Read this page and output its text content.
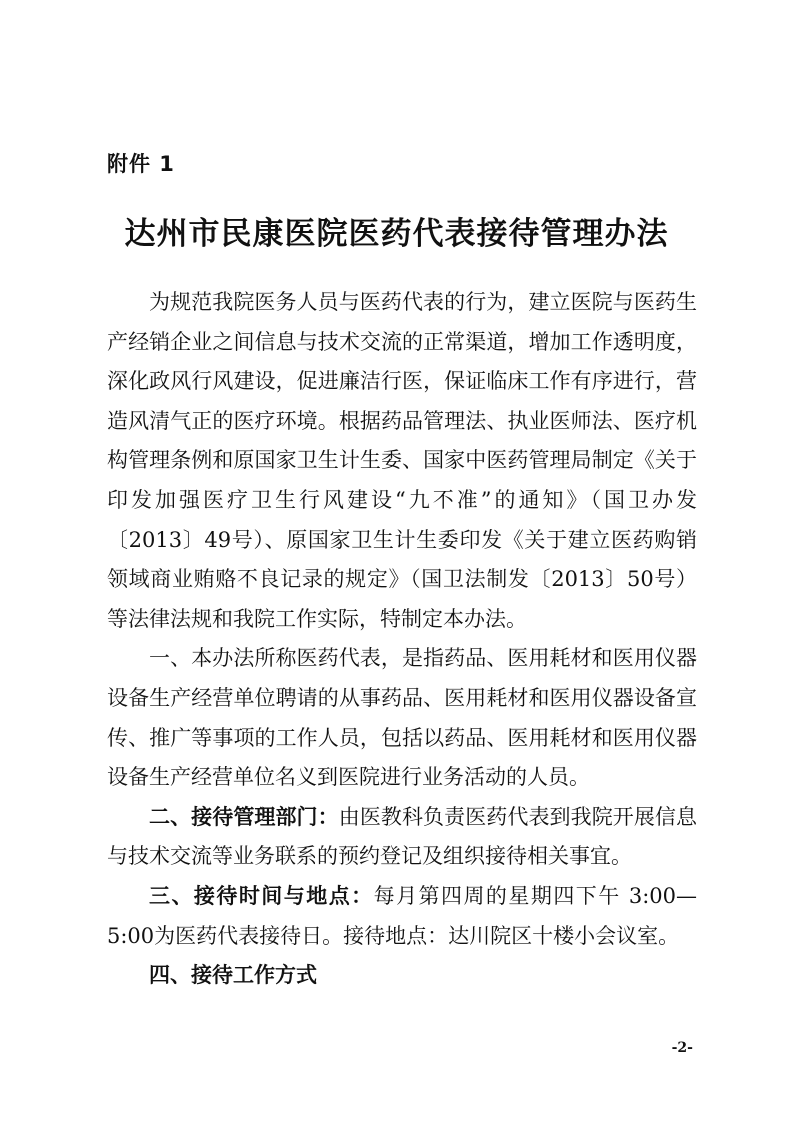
附件 1
达州市民康医院医药代表接待管理办法

为规范我院医务人员与医药代表的行为，建立医院与医药生产经销企业之间信息与技术交流的正常渠道，增加工作透明度，深化政风行风建设，促进廉洁行医，保证临床工作有序进行，营造风清气正的医疗环境。根据药品管理法、执业医师法、医疗机构管理条例和原国家卫生计生委、国家中医药管理局制定《关于印发加强医疗卫生行风建设“九不准”的通知》（国卫办发〔2013〕49号）、原国家卫生计生委印发《关于建立医药购销领域商业贿赂不良记录的规定》（国卫法制发〔2013〕50号）等法律法规和我院工作实际，特制定本办法。

一、本办法所称医药代表，是指药品、医用耗材和医用仪器设备生产经营单位聘请的从事药品、医用耗材和医用仪器设备宣传、推广等事项的工作人员，包括以药品、医用耗材和医用仪器设备生产经营单位名义到医院进行业务活动的人员。

二、接待管理部门：由医教科负责医药代表到我院开展信息与技术交流等业务联系的预约登记及组织接待相关事宜。

三、接待时间与地点：每月第四周的星期四下午 3:00—5:00为医药代表接待日。接待地点：达川院区十楼小会议室。

四、接待工作方式

-2-
